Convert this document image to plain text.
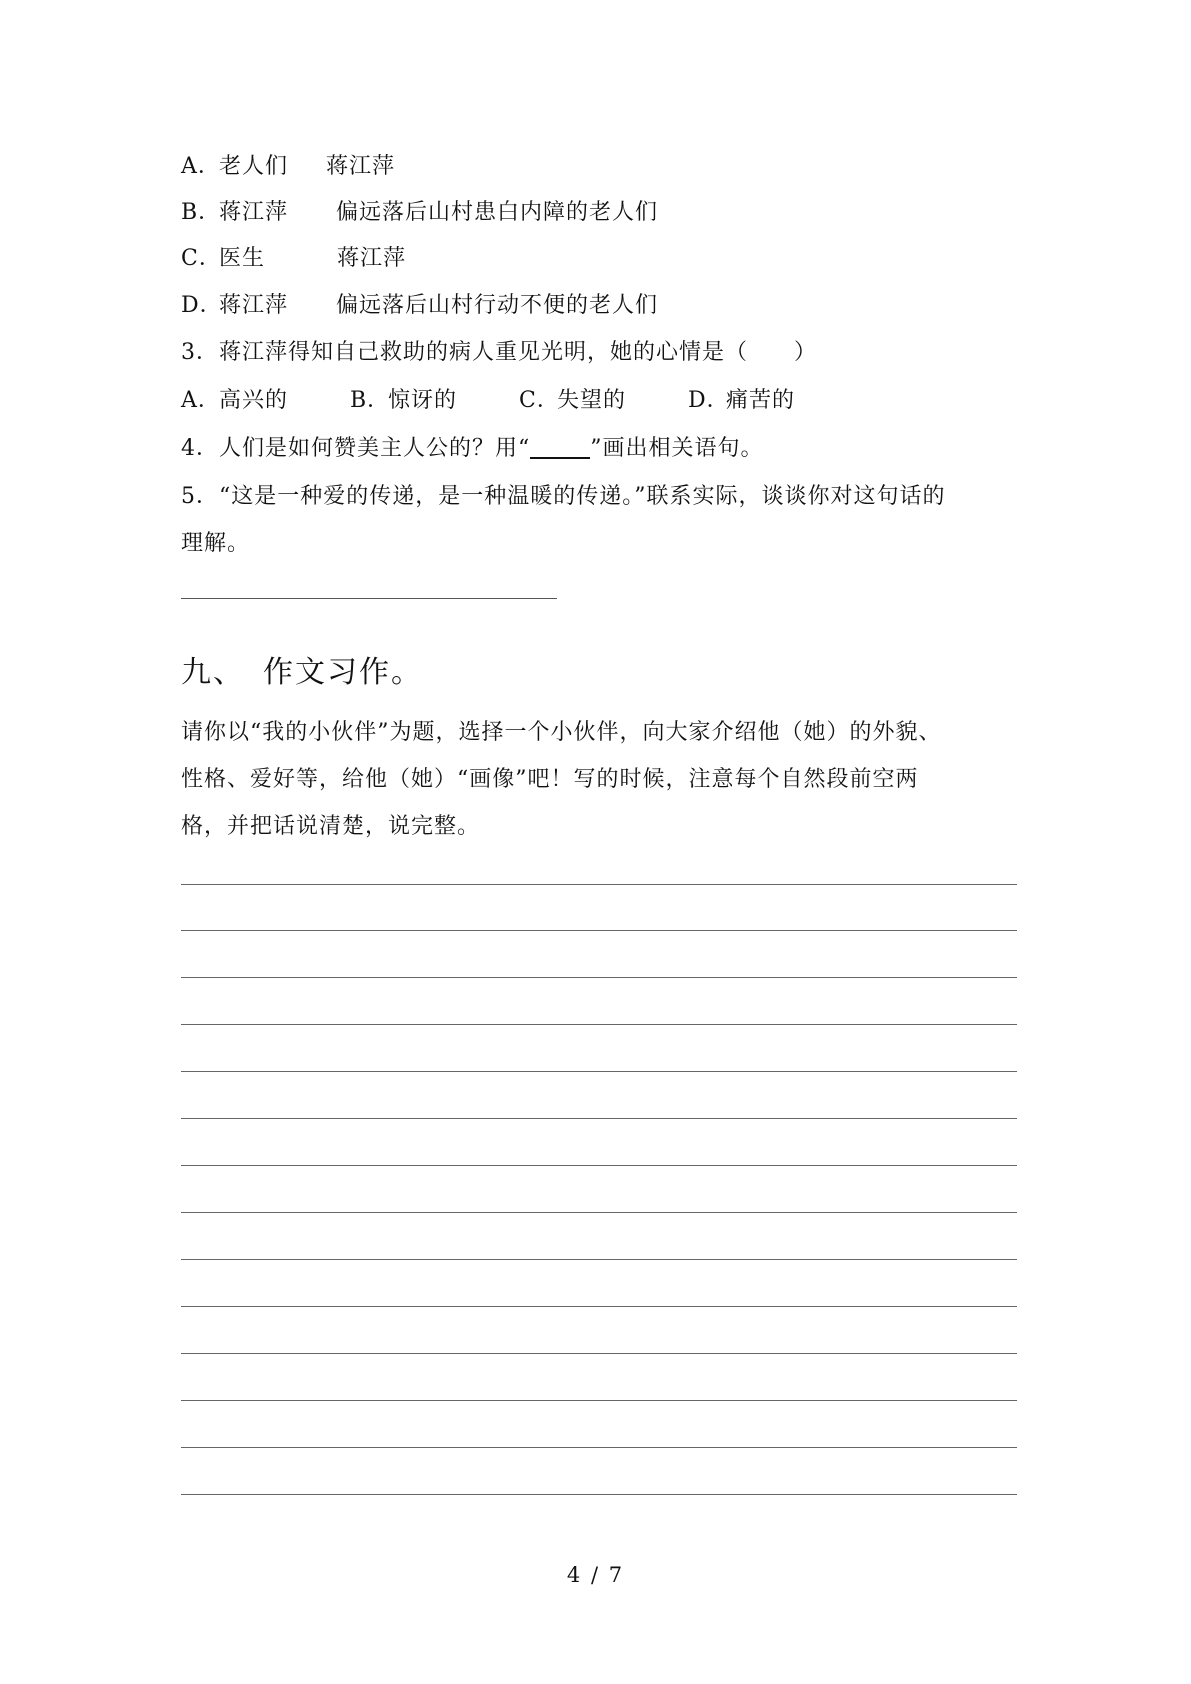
A．老人们 蒋江萍
B．蒋江萍 偏远落后山村患白内障的老人们
C．医生	蒋江萍
D．蒋江萍 偏远落后山村行动不便的老人们
3．蒋江萍得知自己救助的病人重见光明，她的心情是（　　）
A．高兴的	B．惊讶的	C．失望的	D．痛苦的
4．人们是如何赞美主人公的？用“	”画出相关语句。
5．“这是一种爱的传递，是一种温暖的传递。”联系实际，谈谈你对这句话的
理解。
九、 作文习作。
请你以“我的小伙伴”为题，选择一个小伙伴，向大家介绍他（她）的外貌、
性格、爱好等，给他（她）“画像”吧！写的时候，注意每个自然段前空两
格，并把话说清楚，说完整。
4 / 7
